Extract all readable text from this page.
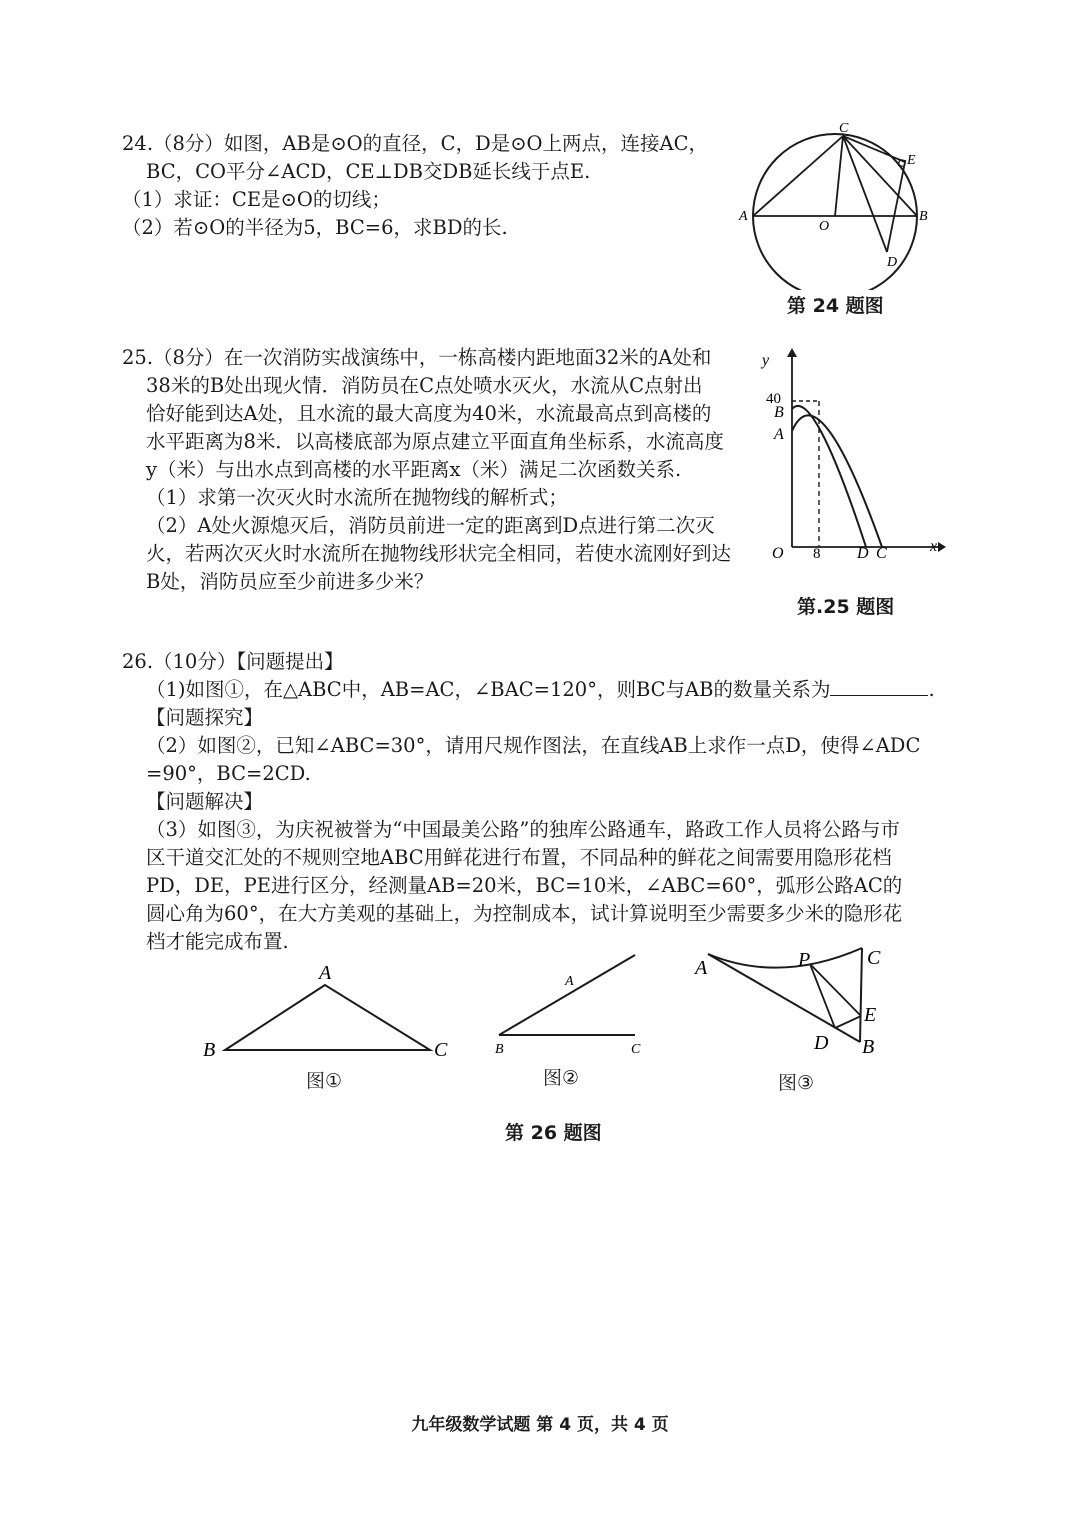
24.（8分）如图，AB是⊙O的直径，C，D是⊙O上两点，连接AC，

BC，CO平分∠ACD，CE⊥DB交DB延长线于点E.

（1）求证：CE是⊙O的切线；

（2）若⊙O的半径为5，BC=6，求BD的长.	A	B
C
D
E
O
第 24 题图

25.（8分）在一次消防实战演练中，一栋高楼内距地面32米的A处和

38米的B处出现火情．消防员在C点处喷水灭火，水流从C点射出

恰好能到达A处，且水流的最大高度为40米，水流最高点到高楼的

水平距离为8米．以高楼底部为原点建立平面直角坐标系，水流高度

y（米）与出水点到高楼的水平距离x（米）满足二次函数关系.

（1）求第一次灭火时水流所在抛物线的解析式；

（2）A处火源熄灭后，消防员前进一定的距离到D点进行第二次灭

火，若两次灭火时水流所在抛物线形状完全相同，若使水流刚好到达

B处，消防员应至少前进多少米？

y
40
B
A
O 8 D C	x
第.25 题图

26.（10分）【问题提出】

（1)如图①，在△ABC中，AB=AC，∠BAC=120°，则BC与AB的数量关系为	.

【问题探究】

（2）如图②，已知∠ABC=30°，请用尺规作图法，在直线AB上求作一点D，使得∠ADC

=90°，BC=2CD.

【问题解决】

（3）如图③，为庆祝被誉为“中国最美公路”的独库公路通车，路政工作人员将公路与市

区干道交汇处的不规则空地ABC用鲜花进行布置，不同品种的鲜花之间需要用隐形花档

PD，DE，PE进行区分，经测量AB=20米，BC=10米，∠ABC=60°，弧形公路AC的

圆心角为60°，在大方美观的基础上，为控制成本，试计算说明至少需要多少米的隐形花

档才能完成布置.

A
B	C
图①
A
B	C
图②
A	P	C
E
D B
图③
第 26 题图
九年级数学试题 第 4 页，共 4 页
